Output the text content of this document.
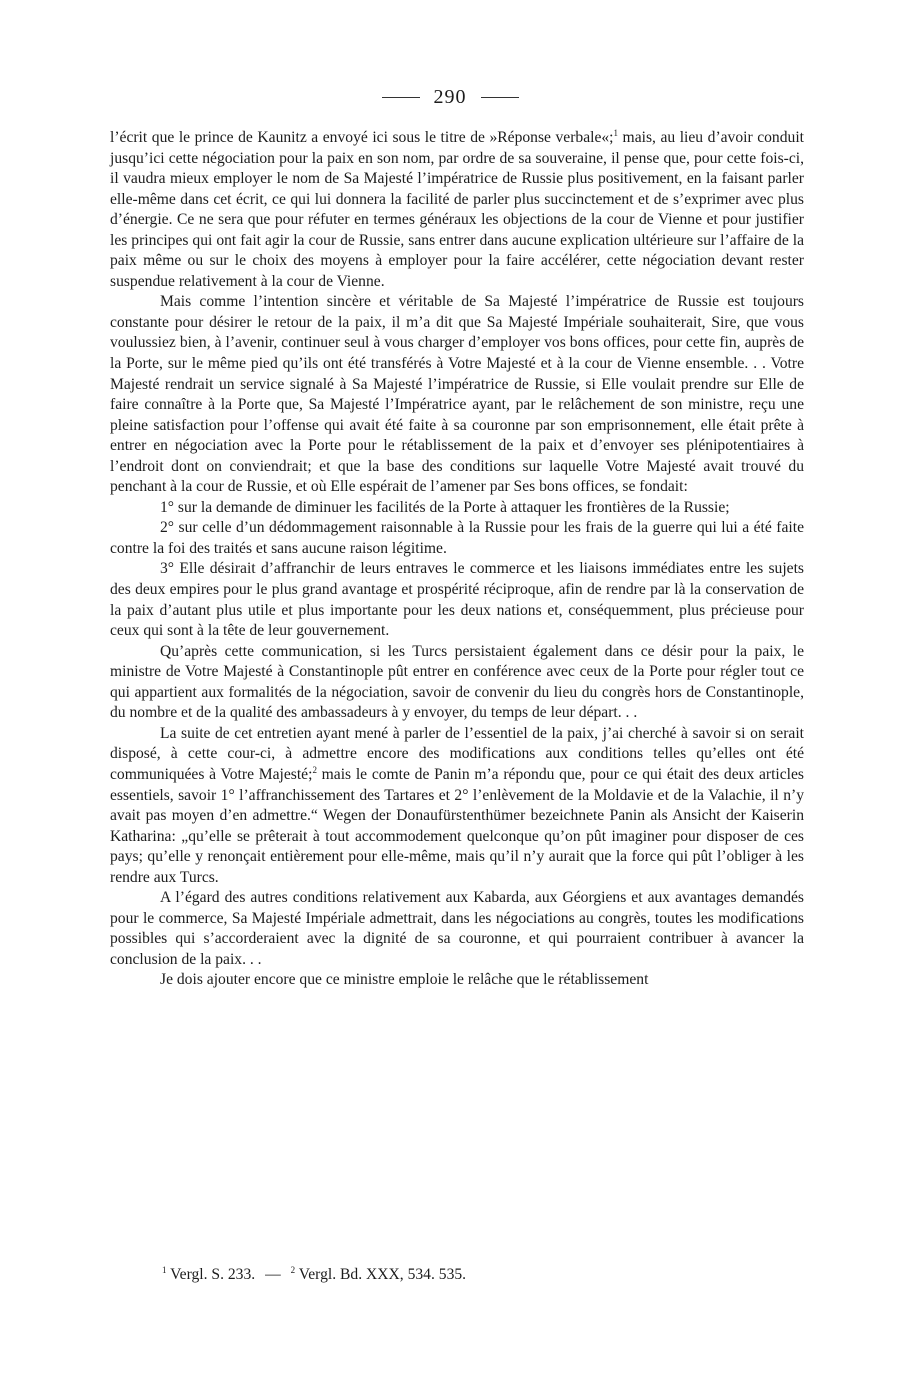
290

l’écrit que le prince de Kaunitz a envoyé ici sous le titre de »Réponse verbale«;$^1$ mais, au lieu d’avoir conduit jusqu’ici cette négociation pour la paix en son nom, par ordre de sa souveraine, il pense que, pour cette fois-ci, il vaudra mieux employer le nom de Sa Majesté l’impératrice de Russie plus positivement, en la faisant parler elle-même dans cet écrit, ce qui lui donnera la facilité de parler plus succinctement et de s’exprimer avec plus d’énergie. Ce ne sera que pour réfuter en termes généraux les objections de la cour de Vienne et pour justifier les principes qui ont fait agir la cour de Russie, sans entrer dans aucune explication ultérieure sur l’affaire de la paix même ou sur le choix des moyens à employer pour la faire accélérer, cette négociation devant rester suspendue relativement à la cour de Vienne.

Mais comme l’intention sincère et véritable de Sa Majesté l’impératrice de Russie est toujours constante pour désirer le retour de la paix, il m’a dit que Sa Majesté Impériale souhaiterait, Sire, que vous voulussiez bien, à l’avenir, continuer seul à vous charger d’employer vos bons offices, pour cette fin, auprès de la Porte, sur le même pied qu’ils ont été transférés à Votre Majesté et à la cour de Vienne ensemble. . . Votre Majesté rendrait un service signalé à Sa Majesté l’impératrice de Russie, si Elle voulait prendre sur Elle de faire connaître à la Porte que, Sa Majesté l’Impératrice ayant, par le relâchement de son ministre, reçu une pleine satisfaction pour l’offense qui avait été faite à sa couronne par son emprisonnement, elle était prête à entrer en négociation avec la Porte pour le rétablissement de la paix et d’envoyer ses plénipotentiaires à l’endroit dont on conviendrait; et que la base des conditions sur laquelle Votre Majesté avait trouvé du penchant à la cour de Russie, et où Elle espérait de l’amener par Ses bons offices, se fondait:

1° sur la demande de diminuer les facilités de la Porte à attaquer les frontières de la Russie;

2° sur celle d’un dédommagement raisonnable à la Russie pour les frais de la guerre qui lui a été faite contre la foi des traités et sans aucune raison légitime.

3° Elle désirait d’affranchir de leurs entraves le commerce et les liaisons immédiates entre les sujets des deux empires pour le plus grand avantage et prospérité réciproque, afin de rendre par là la conservation de la paix d’autant plus utile et plus importante pour les deux nations et, conséquemment, plus précieuse pour ceux qui sont à la tête de leur gouvernement.

Qu’après cette communication, si les Turcs persistaient également dans ce désir pour la paix, le ministre de Votre Majesté à Constantinople pût entrer en conférence avec ceux de la Porte pour régler tout ce qui appartient aux formalités de la négociation, savoir de convenir du lieu du congrès hors de Constantinople, du nombre et de la qualité des ambassadeurs à y envoyer, du temps de leur départ. . .

La suite de cet entretien ayant mené à parler de l’essentiel de la paix, j’ai cherché à savoir si on serait disposé, à cette cour-ci, à admettre encore des modifications aux conditions telles qu’elles ont été communiquées à Votre Majesté;$^2$ mais le comte de Panin m’a répondu que, pour ce qui était des deux articles essentiels, savoir 1° l’affranchissement des Tartares et 2° l’enlèvement de la Moldavie et de la Valachie, il n’y avait pas moyen d’en admettre.“ Wegen der Donaufürstenthümer bezeichnete Panin als Ansicht der Kaiserin Katharina: „qu’elle se prêterait à tout accommodement quelconque qu’on pût imaginer pour disposer de ces pays; qu’elle y renonçait entièrement pour elle-même, mais qu’il n’y aurait que la force qui pût l’obliger à les rendre aux Turcs.

A l’égard des autres conditions relativement aux Kabarda, aux Géorgiens et aux avantages demandés pour le commerce, Sa Majesté Impériale admettrait, dans les négociations au congrès, toutes les modifications possibles qui s’accorderaient avec la dignité de sa couronne, et qui pourraient contribuer à avancer la conclusion de la paix. . .

Je dois ajouter encore que ce ministre emploie le relâche que le rétablissement

$^1$ Vergl. S. 233. — $^2$ Vergl. Bd. XXX, 534. 535.
